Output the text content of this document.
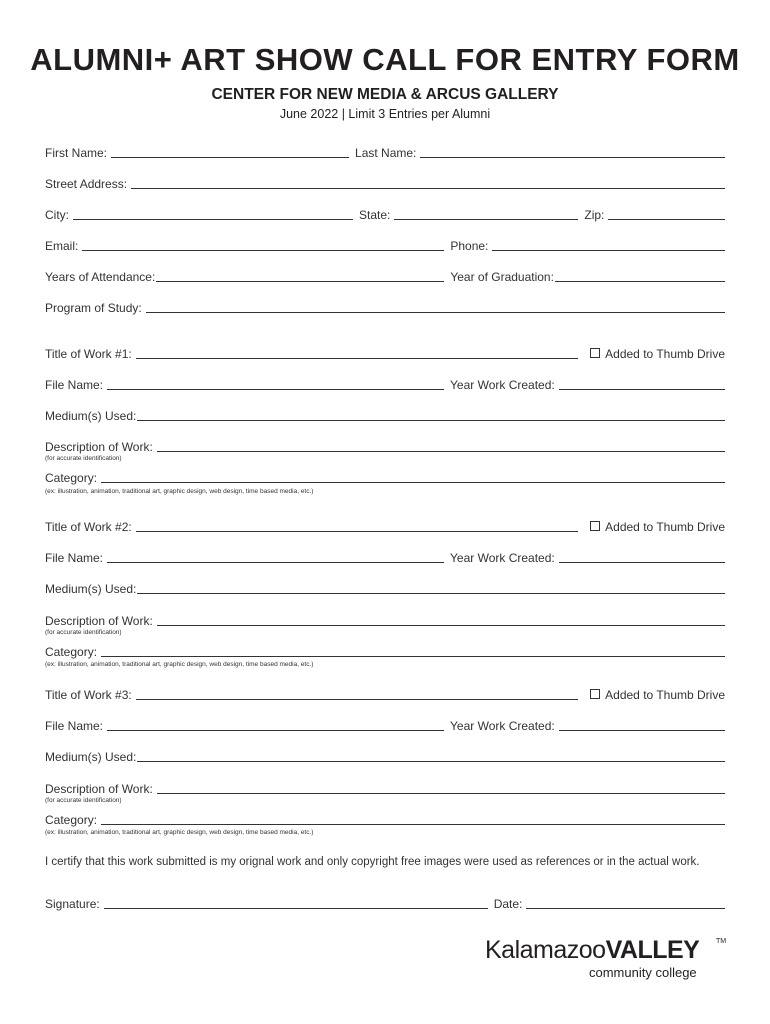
ALUMNI+ ART SHOW CALL FOR ENTRY FORM
CENTER FOR NEW MEDIA & ARCUS GALLERY
June 2022 | Limit 3 Entries per Alumni
First Name:	Last Name:
Street Address:
City:	State:	Zip:
Email:	Phone:
Years of Attendance:	Year of Graduation:
Program of Study:
Title of Work #1:	Added to Thumb Drive
File Name:	Year Work Created:
Medium(s) Used:
Description of Work:
(for accurate identification)
Category:
(ex: illustration, animation, traditional art, graphic design, web design, time based media, etc.)
Title of Work #2:	Added to Thumb Drive
File Name:	Year Work Created:
Medium(s) Used:
Description of Work:
(for accurate identification)
Category:
(ex: illustration, animation, traditional art, graphic design, web design, time based media, etc.)
Title of Work #3:	Added to Thumb Drive
File Name:	Year Work Created:
Medium(s) Used:
Description of Work:
(for accurate identification)
Category:
(ex: illustration, animation, traditional art, graphic design, web design, time based media, etc.)
I certify that this work submitted is my orignal work and only copyright free images were used as references or in the actual work.
Signature:	Date:
KalamazooVALLEY TM
community college
